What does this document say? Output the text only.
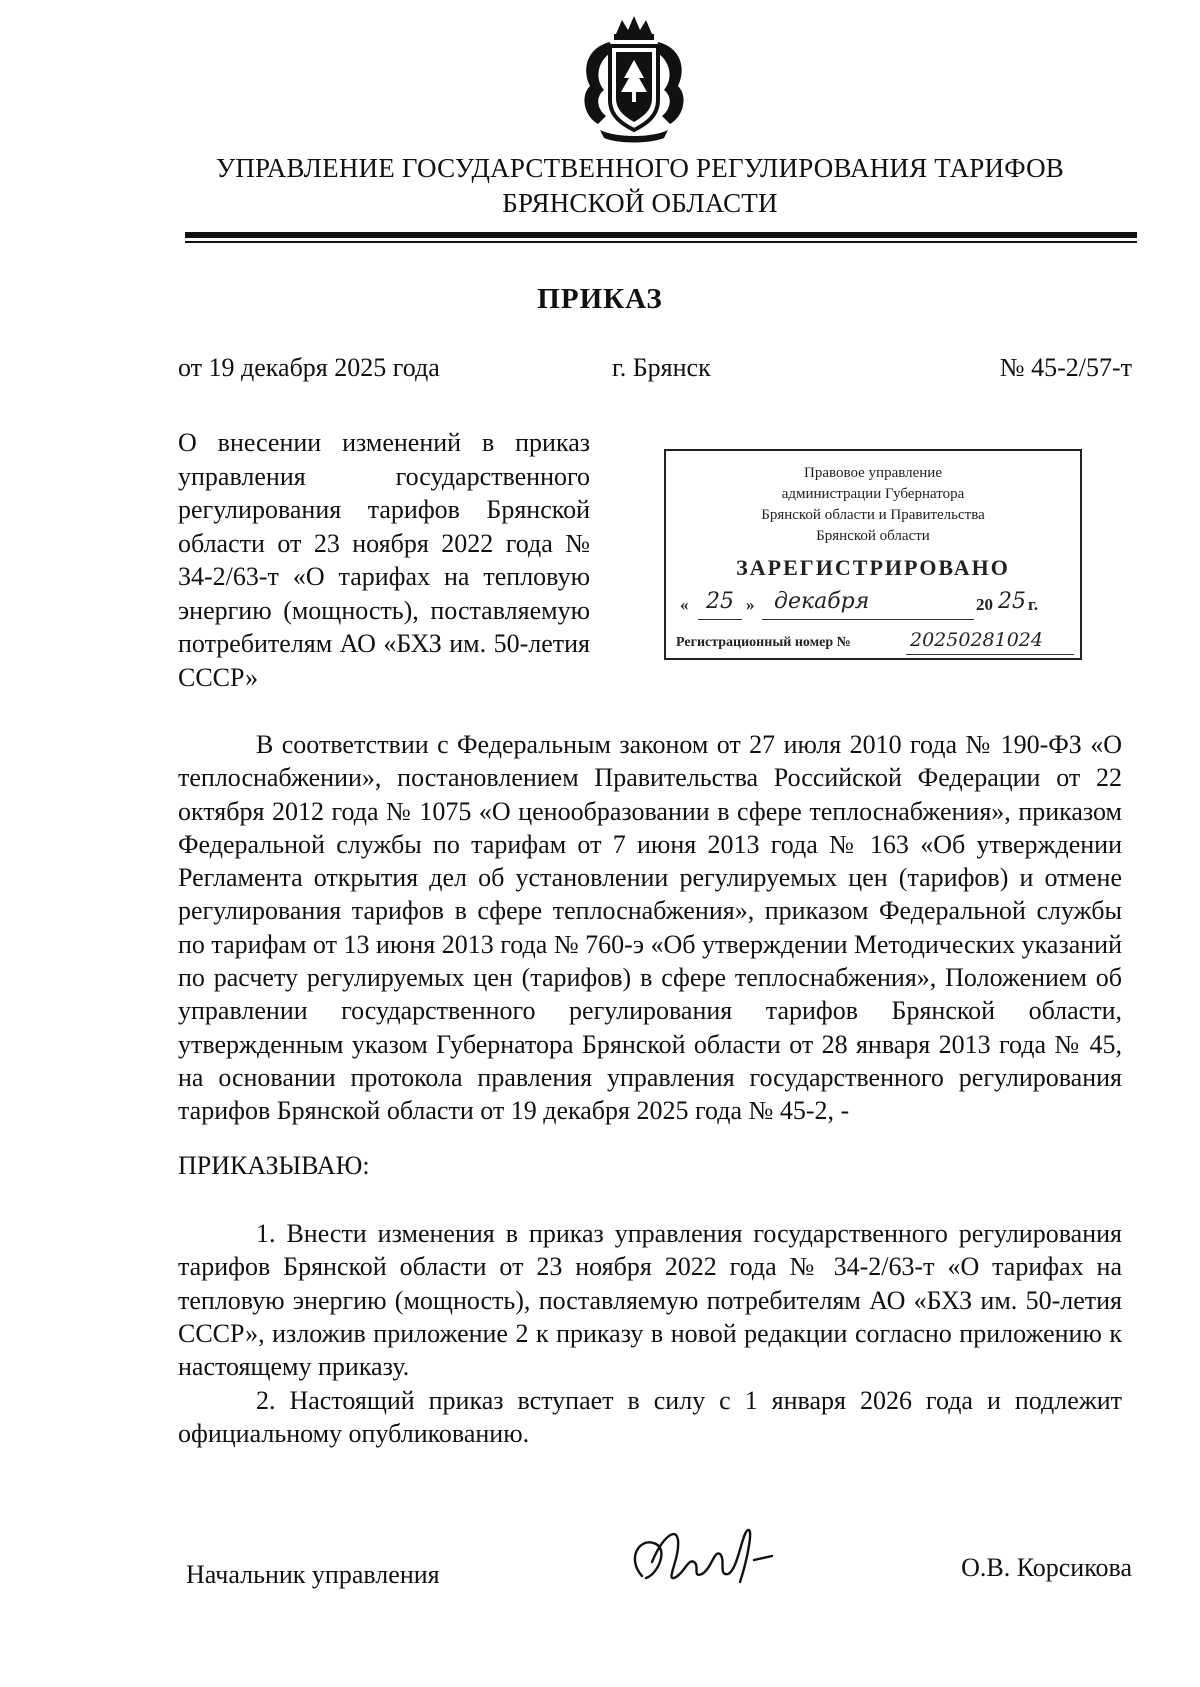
УПРАВЛЕНИЕ ГОСУДАРСТВЕННОГО РЕГУЛИРОВАНИЯ ТАРИФОВ
БРЯНСКОЙ ОБЛАСТИ
ПРИКАЗ
от 19 декабря 2025 года	г. Брянск	№ 45-2/57-т
О внесении изменений в приказ управления государственного регулирования тарифов Брянской области от 23 ноября 2022 года № 34-2/63-т «О тарифах на тепловую энергию (мощность), поставляемую потребителям АО «БХЗ им. 50-летия СССР»
Правовое управление
администрации Губернатора
Брянской области и Правительства
Брянской области
ЗАРЕГИСТРИРОВАНО
« 25 » декабря	20 25 г.
Регистрационный номер №	20250281024

В соответствии с Федеральным законом от 27 июля 2010 года № 190-ФЗ «О теплоснабжении», постановлением Правительства Российской Федерации от 22 октября 2012 года № 1075 «О ценообразовании в сфере теплоснабжения», приказом Федеральной службы по тарифам от 7 июня 2013 года № 163 «Об утверждении Регламента открытия дел об установлении регулируемых цен (тарифов) и отмене регулирования тарифов в сфере теплоснабжения», приказом Федеральной службы по тарифам от 13 июня 2013 года № 760-э «Об утверждении Методических указаний по расчету регулируемых цен (тарифов) в сфере теплоснабжения», Положением об управлении государственного регулирования тарифов Брянской области, утвержденным указом Губернатора Брянской области от 28 января 2013 года № 45, на основании протокола правления управления государственного регулирования тарифов Брянской области от 19 декабря 2025 года № 45-2, -

ПРИКАЗЫВАЮ:

1. Внести изменения в приказ управления государственного регулирования тарифов Брянской области от 23 ноября 2022 года № 34-2/63-т «О тарифах на тепловую энергию (мощность), поставляемую потребителям АО «БХЗ им. 50-летия СССР», изложив приложение 2 к приказу в новой редакции согласно приложению к настоящему приказу.

2. Настоящий приказ вступает в силу с 1 января 2026 года и подлежит официальному опубликованию.

Начальник управления	О.В. Корсикова
